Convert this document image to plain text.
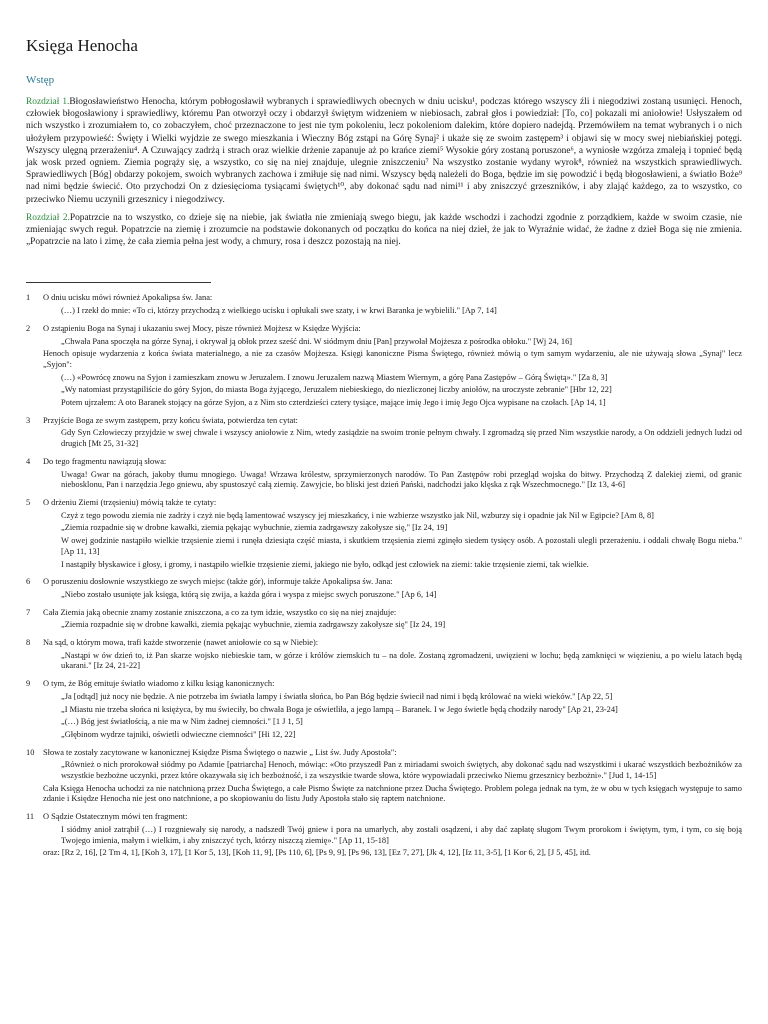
Księga Henocha
Wstęp

Rozdział 1.Błogosławieństwo Henocha, którym pobłogosławił wybranych i sprawiedliwych obecnych w dniu ucisku¹, podczas którego wszyscy źli i niegodziwi zostaną usunięci. Henoch, człowiek błogosławiony i sprawiedliwy, któremu Pan otworzył oczy i obdarzył świętym widzeniem w niebiosach, zabrał głos i powiedział: [To, co] pokazali mi aniołowie! Usłyszałem od nich wszystko i zrozumiałem to, co zobaczyłem, choć przeznaczone to jest nie tym pokoleniu, lecz pokoleniom dalekim, które dopiero nadejdą. Przemówiłem na temat wybranych i o nich ułożyłem przypowieść: Święty i Wielki wyjdzie ze swego mieszkania i Wieczny Bóg zstąpi na Górę Synaj² i ukaże się ze swoim zastępem³ i objawi się w mocy swej niebiańskiej potęgi. Wszyscy ulęgną przerażeniu⁴. A Czuwający zadrżą i strach oraz wielkie drżenie zapanuje aż po krańce ziemi⁵ Wysokie góry zostaną poruszone⁶, a wyniosłe wzgórza zmaleją i topnieć będą jak wosk przed ogniem. Ziemia pogrąży się, a wszystko, co się na niej znajduje, ulegnie zniszczeniu⁷ Na wszystko zostanie wydany wyrok⁸, również na wszystkich sprawiedliwych. Sprawiedliwych [Bóg] obdarzy pokojem, swoich wybranych zachowa i zmiłuje się nad nimi. Wszyscy będą należeli do Boga, będzie im się powodzić i będą błogosławieni, a światło Boże⁹ nad nimi będzie świecić. Oto przychodzi On z dziesięcioma tysiącami świętych¹⁰, aby dokonać sądu nad nimi¹¹ i aby zniszczyć grzeszników, i aby zlająć każdego, za to wszystko, co przeciwko Niemu uczynili grzesznicy i niegodziwcy.

Rozdział 2.Popatrzcie na to wszystko, co dzieje się na niebie, jak światła nie zmieniają swego biegu, jak każde wschodzi i zachodzi zgodnie z porządkiem, każde w swoim czasie, nie zmieniając swych reguł. Popatrzcie na ziemię i zrozumcie na podstawie dokonanych od początku do końca na niej dzieł, że jak to Wyraźnie widać, że żadne z dzieł Boga się nie zmienia. „Popatrzcie na lato i zimę, że cała ziemia pełna jest wody, a chmury, rosa i deszcz pozostają na niej.

1	O dniu ucisku mówi również Apokalipsa św. Jana:
(…) I rzekł do mnie: «To ci, którzy przychodzą z wielkiego ucisku i opłukali swe szaty, i w krwi Baranka je wybielili." [Ap 7, 14]
2	O zstąpieniu Boga na Synaj i ukazaniu swej Mocy, pisze również Mojżesz w Księdze Wyjścia:
„Chwała Pana spoczęła na górze Synaj, i okrywał ją obłok przez sześć dni. W siódmym dniu [Pan] przywołał Mojżesza z pośrodka obłoku." [Wj 24, 16]
Henoch opisuje wydarzenia z końca świata materialnego, a nie za czasów Mojżesza. Księgi kanoniczne Pisma Świętego, również mówią o tym samym wydarzeniu, ale nie używają słowa „Synaj" lecz „Syjon":
(…) «Powrócę znowu na Syjon i zamieszkam znowu w Jeruzalem. I znowu Jeruzalem nazwą Miastem Wiernym, a górę Pana Zastępów – Górą Świętą»." [Za 8, 3]
„Wy natomiast przystąpiliście do góry Syjon, do miasta Boga żyjącego, Jeruzalem niebieskiego, do niezliczonej liczby aniołów, na uroczyste zebranie" [Hbr 12, 22]
Potem ujrzałem: A oto Baranek stojący na górze Syjon, a z Nim sto czterdzieści cztery tysiące, mające imię Jego i imię Jego Ojca wypisane na czołach. [Ap 14, 1]
3	Przyjście Boga ze swym zastępem, przy końcu świata, potwierdza ten cytat:
Gdy Syn Człowieczy przyjdzie w swej chwale i wszyscy aniołowie z Nim, wtedy zasiądzie na swoim tronie pełnym chwały. I zgromadzą się przed Nim wszystkie narody, a On oddzieli jednych ludzi od drugich [Mt 25, 31-32]
4	Do tego fragmentu nawiązują słowa:
Uwaga! Gwar na górach, jakoby tłumu mnogiego. Uwaga! Wrzawa królestw, sprzymierzonych narodów. To Pan Zastępów robi przegląd wojska do bitwy. Przychodzą Z dalekiej ziemi, od granic niebosklonu, Pan i narzędzia Jego gniewu, aby spustoszyć całą ziemię. Zawyjcie, bo bliski jest dzień Pański, nadchodzi jako klęska z rąk Wszechmocnego." [Iz 13, 4-6]
5	O drżeniu Ziemi (trzęsieniu) mówią także te cytaty:
Czyż z tego powodu ziemia nie zadrży i czyż nie będą lamentować wszyscy jej mieszkańcy, i nie wzbierze wszystko jak Nil, wzburzy się i opadnie jak Nil w Egipcie? [Am 8, 8]
„Ziemia rozpadnie się w drobne kawałki, ziemia pękając wybuchnie, ziemia zadrgawszy zakołysze się," [Iz 24, 19]
W owej godzinie nastąpiło wielkie trzęsienie ziemi i runęła dziesiąta część miasta, i skutkiem trzęsienia ziemi zginęło siedem tysięcy osób. A pozostali ulegli przerażeniu. i oddali chwałę Bogu nieba." [Ap 11, 13]
I nastąpiły błyskawice i głosy, i gromy, i nastąpiło wielkie trzęsienie ziemi, jakiego nie było, odkąd jest człowiek na ziemi: takie trzęsienie ziemi, tak wielkie.
6	O poruszeniu dosłownie wszystkiego ze swych miejsc (także gór), informuje także Apokalipsa św. Jana:
„Niebo zostało usunięte jak księga, którą się zwija, a każda góra i wyspa z miejsc swych poruszone." [Ap 6, 14]
7	Cała Ziemia jaką obecnie znamy zostanie zniszczona, a co za tym idzie, wszystko co się na niej znajduje:
„Ziemia rozpadnie się w drobne kawałki, ziemia pękając wybuchnie, ziemia zadrgawszy zakołysze się" [Iz 24, 19]
8	Na sąd, o którym mowa, trafi każde stworzenie (nawet aniołowie co są w Niebie):
„Nastąpi w ów dzień to, iż Pan skarze wojsko niebieskie tam, w górze i królów ziemskich tu – na dole. Zostaną zgromadzeni, uwięzieni w lochu; będą zamknięci w więzieniu, a po wielu latach będą ukarani." [Iz 24, 21-22]
9	O tym, że Bóg emituje światło wiadomo z kilku ksiąg kanonicznych:
„Ja [odtąd] już nocy nie będzie. A nie potrzeba im światła lampy i światła słońca, bo Pan Bóg będzie świecił nad nimi i będą królować na wieki wieków." [Ap 22, 5]
„I Miastu nie trzeba słońca ni księżyca, by mu świeciły, bo chwała Boga je oświetliła, a jego lampą – Baranek. I w Jego świetle będą chodziły narody" [Ap 21, 23-24]
„(…) Bóg jest światłością, a nie ma w Nim żadnej ciemności." [1 J 1, 5]
„Głębinom wydrze tajniki, oświetli odwieczne ciemności" [Hi 12, 22]
10	Słowa te zostały zacytowane w kanonicznej Księdze Pisma Świętego o nazwie „ List św. Judy Apostoła":
„Również o nich prorokował siódmy po Adamie [patriarcha] Henoch, mówiąc: «Oto przyszedł Pan z miriadami swoich świętych, aby dokonać sądu nad wszystkimi i ukarać wszystkich bezbożników za wszystkie bezbożne uczynki, przez które okazywała się ich bezbożność, i za wszystkie twarde słowa, które wypowiadali przeciwko Niemu grzesznicy bezbożni»." [Jud 1, 14-15]
Cała Księga Henocha uchodzi za nie natchnioną przez Ducha Świętego, a całe Pismo Święte za natchnione przez Ducha Świętego. Problem polega jednak na tym, że w obu w tych księgach występuje to samo zdanie i Księdze Henocha nie jest ono natchnione, a po skopiowaniu do listu Judy Apostoła stało się raptem natchnione.
11	O Sądzie Ostatecznym mówi ten fragment:
I siódmy anioł zatrąbił (…) I rozgniewały się narody, a nadszedł Twój gniew i pora na umarłych, aby zostali osądzeni, i aby dać zapłatę sługom Twym prorokom i świętym, tym, i tym, co się boją Twojego imienia, małym i wielkim, i aby zniszczyć tych, którzy niszczą ziemię»." [Ap 11, 15-18]
oraz: [Rz 2, 16], [2 Tm 4, 1], [Koh 3, 17], [1 Kor 5, 13], [Koh 11, 9], [Ps 110, 6], [Ps 9, 9], [Ps 96, 13], [Ez 7, 27], [Jk 4, 12], [Iz 11, 3-5], [1 Kor 6, 2], [J 5, 45], itd.
